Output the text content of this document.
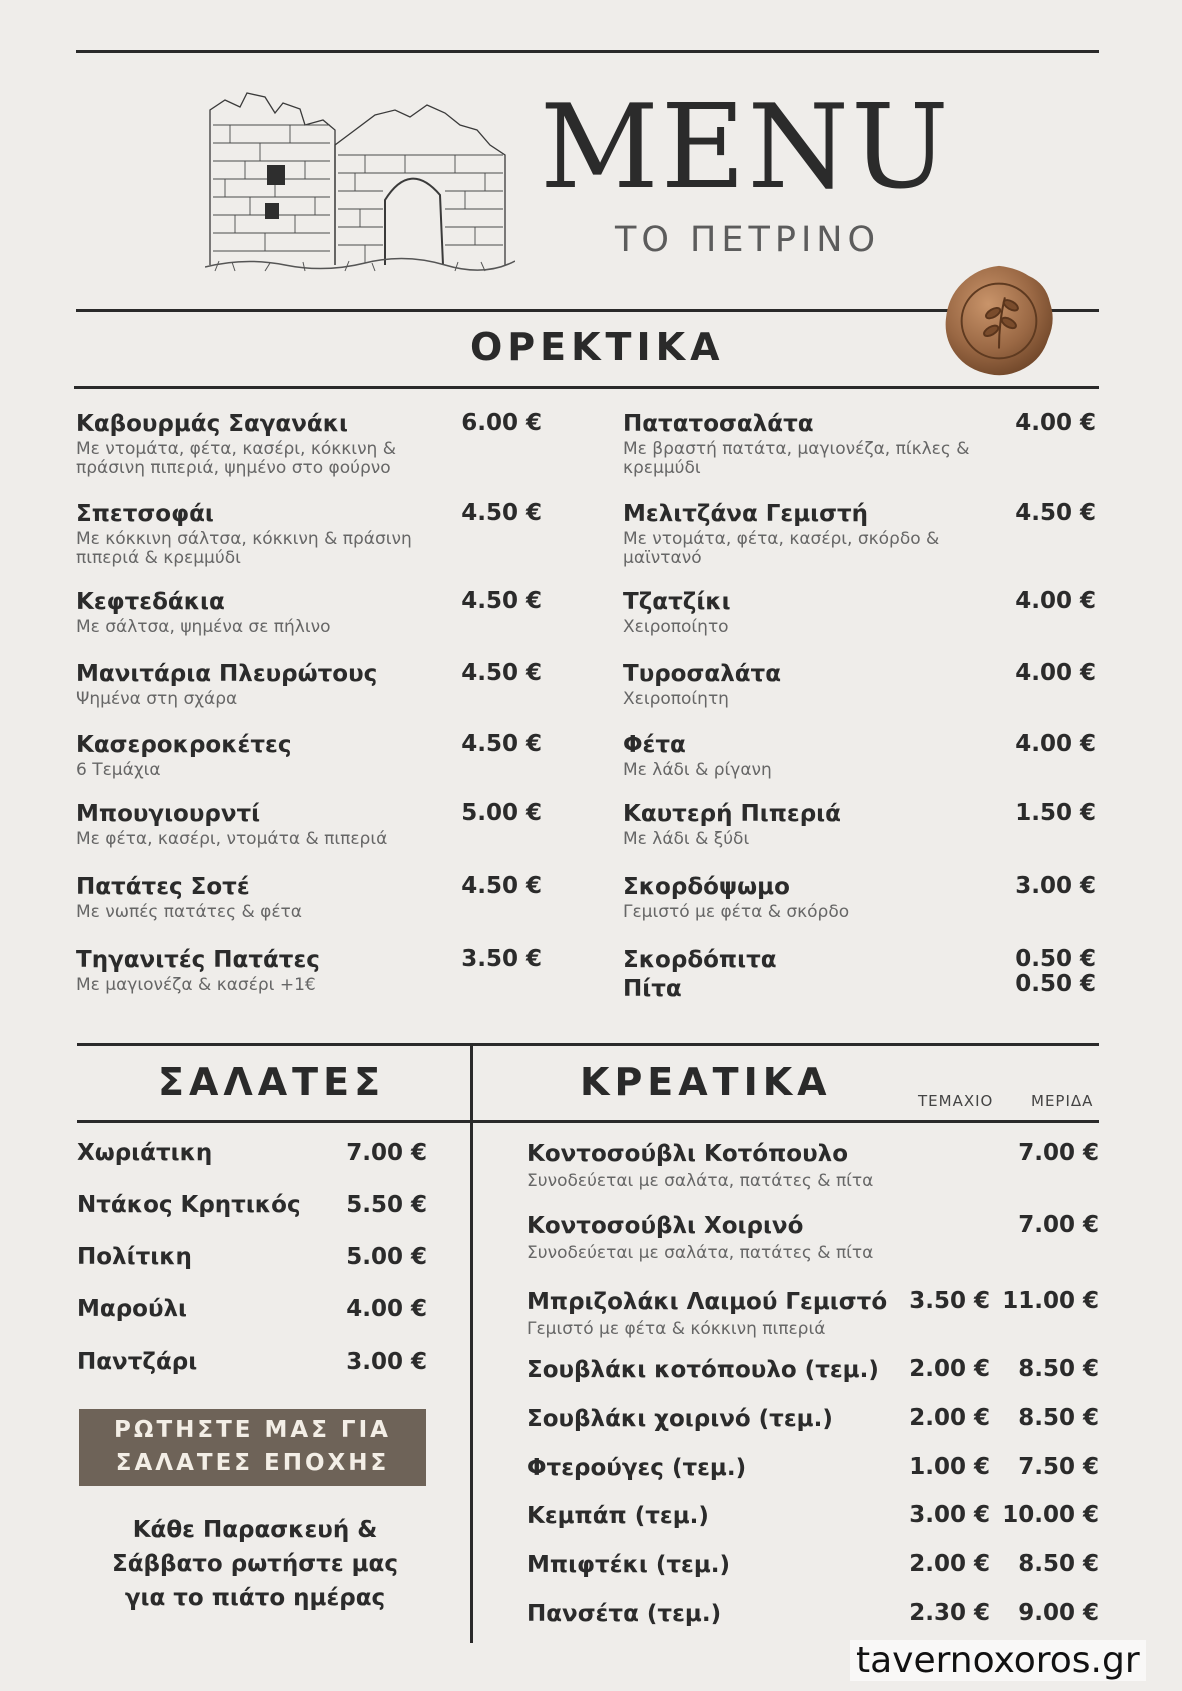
MENU
ΤΟ ΠΕΤΡΙΝΟ
ΟΡΕΚΤΙΚΑ
Καβουρμάς Σαγανάκι
Με ντομάτα, φέτα, κασέρι, κόκκινη & πράσινη πιπεριά, ψημένο στο φούρνο
6.00 €
Σπετσοφάι
Με κόκκινη σάλτσα, κόκκινη & πράσινη πιπεριά & κρεμμύδι
4.50 €
Κεφτεδάκια
Με σάλτσα, ψημένα σε πήλινο
4.50 €
Μανιτάρια Πλευρώτους
Ψημένα στη σχάρα
4.50 €
Κασεροκροκέτες
6 Τεμάχια
4.50 €
Μπουγιουρντί
Με φέτα, κασέρι, ντομάτα & πιπεριά
5.00 €
Πατάτες Σοτέ
Με νωπές πατάτες & φέτα
4.50 €
Τηγανιτές Πατάτες
Με μαγιονέζα & κασέρι +1€
3.50 €
Πατατοσαλάτα
Με βραστή πατάτα, μαγιονέζα, πίκλες & κρεμμύδι
4.00 €
Μελιτζάνα Γεμιστή
Με ντομάτα, φέτα, κασέρι, σκόρδο & μαϊντανό
4.50 €
Τζατζίκι
Χειροποίητο
4.00 €
Τυροσαλάτα
Χειροποίητη
4.00 €
Φέτα
Με λάδι & ρίγανη
4.00 €
Καυτερή Πιπεριά
Με λάδι & ξύδι
1.50 €
Σκορδόψωμο
Γεμιστό με φέτα & σκόρδο
3.00 €
Σκορδόπιτα	0.50 €
Πίτα	0.50 €
ΣΑΛΑΤΕΣ
Χωριάτικη	7.00 €
Ντάκος Κρητικός 5.50 €
Πολίτικη	5.00 €
Μαρούλι	4.00 €
Παντζάρι	3.00 €
ΡΩΤΗΣΤΕ ΜΑΣ ΓΙΑ
ΣΑΛΑΤΕΣ ΕΠΟΧΗΣ
Κάθε Παρασκευή & Σάββατο ρωτήστε μας για το πιάτο ημέρας
ΚΡΕΑΤΙΚΑ	ΤΕΜΑΧΙΟ	ΜΕΡΙΔΑ
Κοντοσούβλι Κοτόπουλο
Συνοδεύεται με σαλάτα, πατάτες & πίτα
7.00 €
Κοντοσούβλι Χοιρινό
Συνοδεύεται με σαλάτα, πατάτες & πίτα
7.00 €
Μπριζολάκι Λαιμού Γεμιστό
Γεμιστό με φέτα & κόκκινη πιπεριά
3.50 € 11.00 €
Σουβλάκι κοτόπουλο (τεμ.)	2.00 € 8.50 €
Σουβλάκι χοιρινό (τεμ.)	2.00 € 8.50 €
Φτερούγες (τεμ.)	1.00 € 7.50 €
Κεμπάπ (τεμ.)	3.00 € 10.00 €
Μπιφτέκι (τεμ.)	2.00 € 8.50 €
Πανσέτα (τεμ.)	2.30 € 9.00 €
tavernoxoros.gr
